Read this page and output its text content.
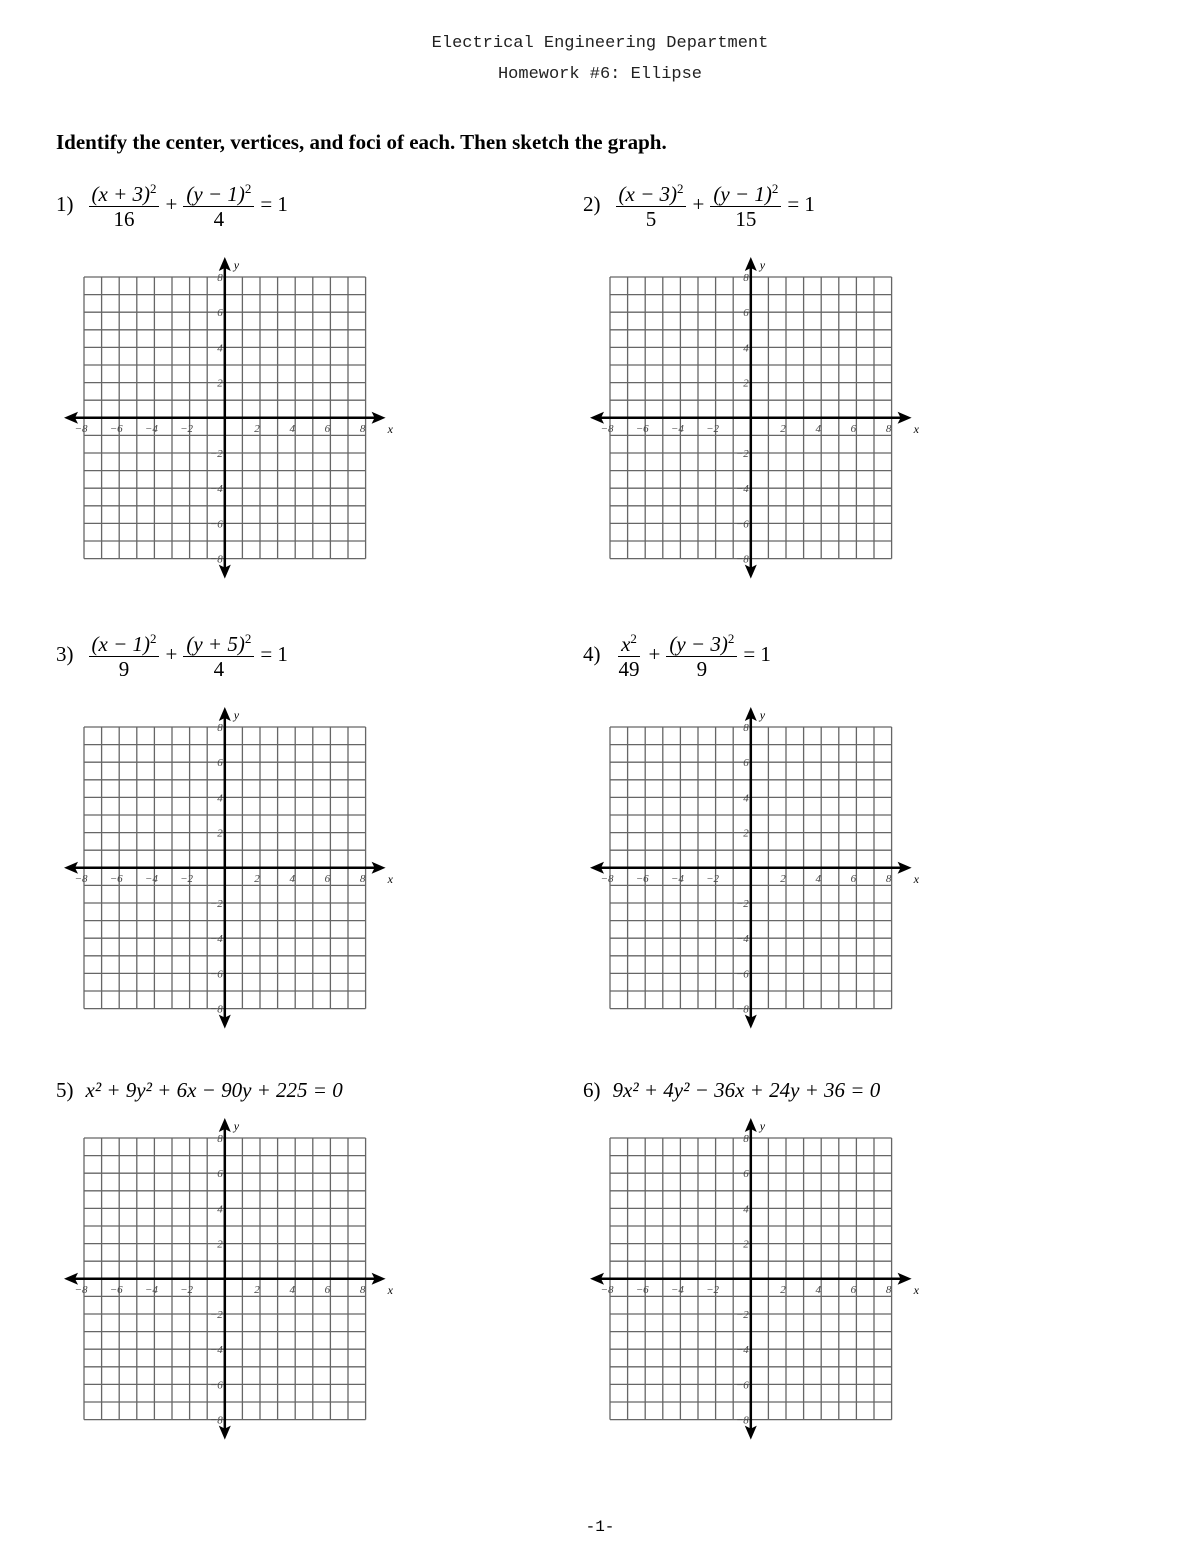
Electrical Engineering Department
Homework #6: Ellipse
Identify the center, vertices, and foci of each. Then sketch the graph.
$1) \frac{(x + 3)^2}{16} + \frac{(y - 1)^2}{4} = 1$
−8 −6 −4 −2	2	4	6	8
8
6
4
2
−2
−4
−6
−8
x
y
$2) \frac{(x - 3)^2}{5} + \frac{(y - 1)^2}{15} = 1$
−8 −6 −4 −2	2	4	6	8
8
6
4
2
−2
−4
−6
−8
x
y
$3) \frac{(x - 1)^2}{9} + \frac{(y + 5)^2}{4} = 1$
−8 −6 −4 −2	2	4	6	8
8
6
4
2
−2
−4
−6
−8
x
y
$4) \frac{x^2}{49} + \frac{(y - 3)^2}{9} = 1$
−8 −6 −4 −2	2	4	6	8
8
6
4
2
−2
−4
−6
−8
x
y
5) x² + 9y² + 6x − 90y + 225 = 0
−8 −6 −4 −2	2	4	6	8
8
6
4
2
−2
−4
−6
−8
x
y
6) 9x² + 4y² − 36x + 24y + 36 = 0
−8 −6 −4 −2	2	4	6	8
8
6
4
2
−2
−4
−6
−8
x
y
-1-
